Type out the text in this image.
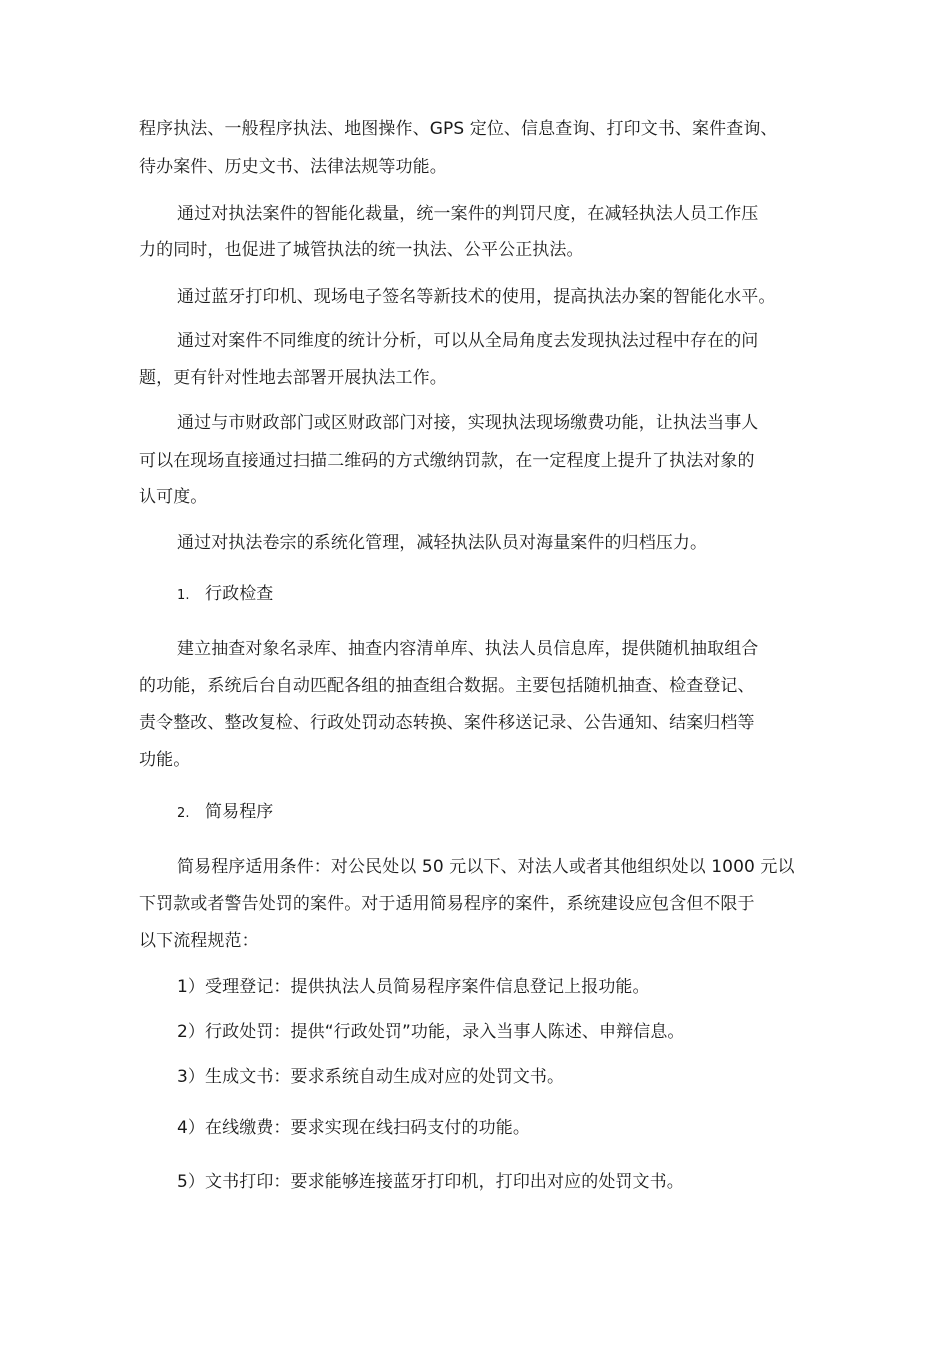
程序执法、一般程序执法、地图操作、GPS 定位、信息查询、打印文书、案件查询、
待办案件、历史文书、法律法规等功能。
通过对执法案件的智能化裁量，统一案件的判罚尺度，在减轻执法人员工作压
力的同时，也促进了城管执法的统一执法、公平公正执法。
通过蓝牙打印机、现场电子签名等新技术的使用，提高执法办案的智能化水平。
通过对案件不同维度的统计分析，可以从全局角度去发现执法过程中存在的问
题，更有针对性地去部署开展执法工作。
通过与市财政部门或区财政部门对接，实现执法现场缴费功能，让执法当事人
可以在现场直接通过扫描二维码的方式缴纳罚款，在一定程度上提升了执法对象的
认可度。
通过对执法卷宗的系统化管理，减轻执法队员对海量案件的归档压力。
1. 行政检查
建立抽查对象名录库、抽查内容清单库、执法人员信息库，提供随机抽取组合
的功能，系统后台自动匹配各组的抽查组合数据。主要包括随机抽查、检查登记、
责令整改、整改复检、行政处罚动态转换、案件移送记录、公告通知、结案归档等
功能。
2. 简易程序
简易程序适用条件：对公民处以 50 元以下、对法人或者其他组织处以 1000 元以
下罚款或者警告处罚的案件。对于适用简易程序的案件，系统建设应包含但不限于
以下流程规范：
1）受理登记：提供执法人员简易程序案件信息登记上报功能。
2）行政处罚：提供“行政处罚”功能，录入当事人陈述、申辩信息。
3）生成文书：要求系统自动生成对应的处罚文书。
4）在线缴费：要求实现在线扫码支付的功能。
5）文书打印：要求能够连接蓝牙打印机，打印出对应的处罚文书。
